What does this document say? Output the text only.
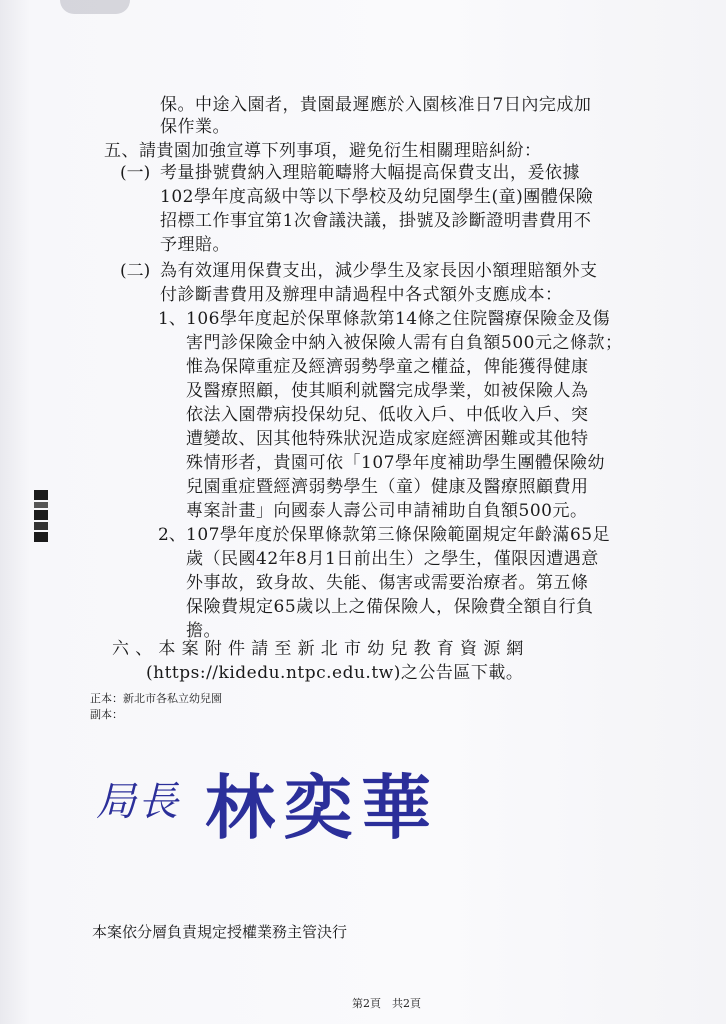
保。中途入園者，貴園最遲應於入園核准日7日內完成加
保作業。
五、請貴園加強宣導下列事項，避免衍生相關理賠糾紛：
(一) 考量掛號費納入理賠範疇將大幅提高保費支出，爰依據
102學年度高級中等以下學校及幼兒園學生(童)團體保險
招標工作事宜第1次會議決議，掛號及診斷證明書費用不
予理賠。
(二) 為有效運用保費支出，減少學生及家長因小額理賠額外支
付診斷書費用及辦理申請過程中各式額外支應成本：
1、 106學年度起於保單條款第14條之住院醫療保險金及傷
害門診保險金中納入被保險人需有自負額500元之條款；
惟為保障重症及經濟弱勢學童之權益，俾能獲得健康
及醫療照顧，使其順利就醫完成學業，如被保險人為
依法入園帶病投保幼兒、低收入戶、中低收入戶、突
遭變故、因其他特殊狀況造成家庭經濟困難或其他特
殊情形者，貴園可依「107學年度補助學生團體保險幼
兒園重症暨經濟弱勢學生（童）健康及醫療照顧費用
專案計畫」向國泰人壽公司申請補助自負額500元。
2、 107學年度於保單條款第三條保險範圍規定年齡滿65足
歲（民國42年8月1日前出生）之學生，僅限因遭遇意
外事故，致身故、失能、傷害或需要治療者。第五條
保險費規定65歲以上之備保險人，保險費全額自行負
擔。
六、本案附件請至新北市幼兒教育資源網
(https://kidedu.ntpc.edu.tw)之公告區下載。
正本：新北市各私立幼兒園
副本：
局長 林奕華
本案依分層負責規定授權業務主管決行
第2頁　共2頁
